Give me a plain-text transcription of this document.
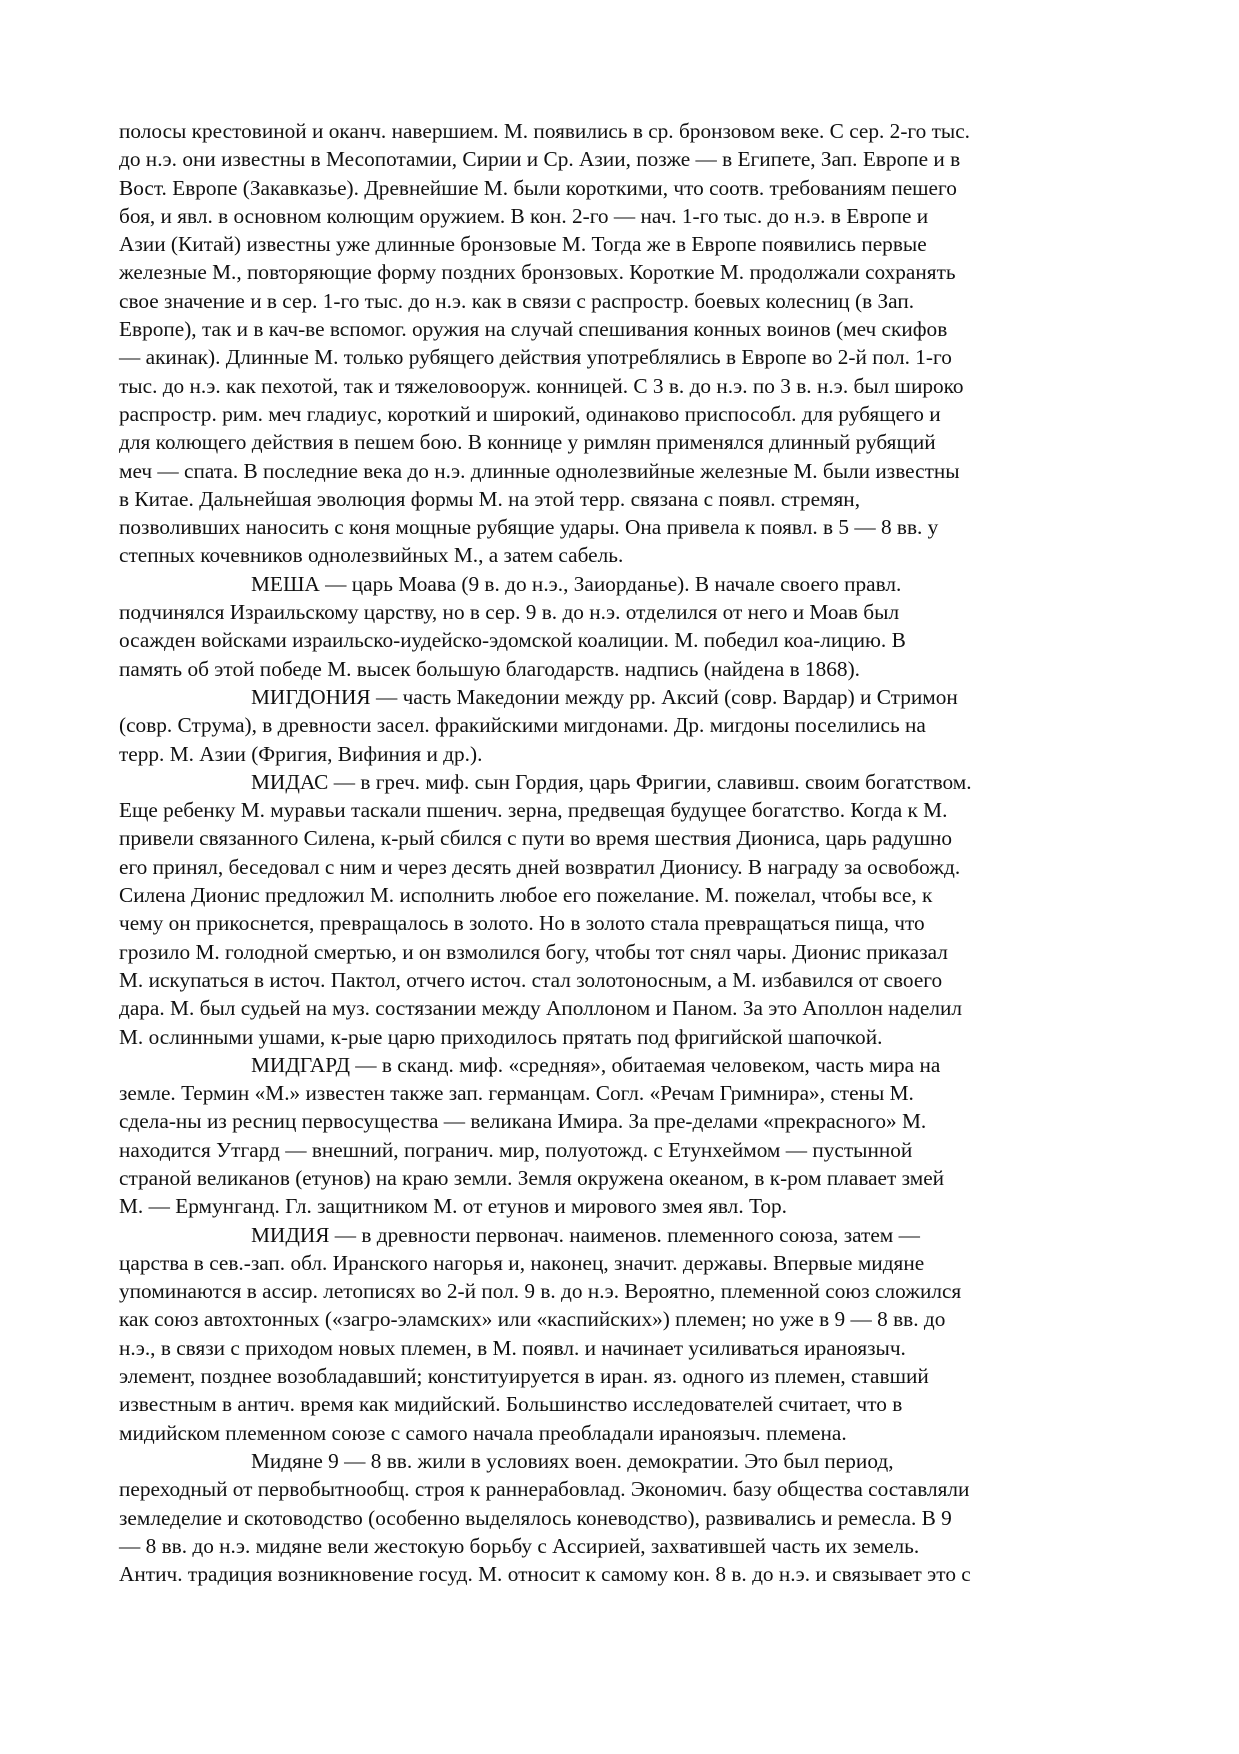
полосы крестовиной и оканч. навершием. М. появились в ср. бронзовом веке. С сер. 2-го тыс.
до н.э. они известны в Месопотамии, Сирии и Ср. Азии, позже — в Египете, Зап. Европе и в
Вост. Европе (Закавказье). Древнейшие М. были короткими, что соотв. требованиям пешего
боя, и явл. в основном колющим оружием. В кон. 2-го — нач. 1-го тыс. до н.э. в Европе и
Азии (Китай) известны уже длинные бронзовые М. Тогда же в Европе появились первые
железные М., повторяющие форму поздних бронзовых. Короткие М. продолжали сохранять
свое значение и в сер. 1-го тыс. до н.э. как в связи с распростр. боевых колесниц (в Зап.
Европе), так и в кач-ве вспомог. оружия на случай спешивания конных воинов (меч скифов
— акинак). Длинные М. только рубящего действия употреблялись в Европе во 2-й пол. 1-го
тыс. до н.э. как пехотой, так и тяжеловооруж. конницей. С 3 в. до н.э. по 3 в. н.э. был широко
распростр. рим. меч гладиус, короткий и широкий, одинаково приспособл. для рубящего и
для колющего действия в пешем бою. В коннице у римлян применялся длинный рубящий
меч — спата. В последние века до н.э. длинные однолезвийные железные М. были известны
в Китае. Дальнейшая эволюция формы М. на этой терр. связана с появл. стремян,
позволивших наносить с коня мощные рубящие удары. Она привела к появл. в 5 — 8 вв. у
степных кочевников однолезвийных М., а затем сабель.
МЕША — царь Моава (9 в. до н.э., Заиорданье). В начале своего правл.
подчинялся Израильскому царству, но в сер. 9 в. до н.э. отделился от него и Моав был
осажден войсками израильско-иудейско-эдомской коалиции. М. победил коа-лицию. В
память об этой победе М. высек большую благодарств. надпись (найдена в 1868).
МИГДОНИЯ — часть Македонии между рр. Аксий (совр. Вардар) и Стримон
(совр. Струма), в древности засел. фракийскими мигдонами. Др. мигдоны поселились на
терр. М. Азии (Фригия, Вифиния и др.).
МИДАС — в греч. миф. сын Гордия, царь Фригии, славивш. своим богатством.
Еще ребенку М. муравьи таскали пшенич. зерна, предвещая будущее богатство. Когда к М.
привели связанного Силена, к-рый сбился с пути во время шествия Диониса, царь радушно
его принял, беседовал с ним и через десять дней возвратил Дионису. В награду за освобожд.
Силена Дионис предложил М. исполнить любое его пожелание. М. пожелал, чтобы все, к
чему он прикоснется, превращалось в золото. Но в золото стала превращаться пища, что
грозило М. голодной смертью, и он взмолился богу, чтобы тот снял чары. Дионис приказал
М. искупаться в источ. Пактол, отчего источ. стал золотоносным, а М. избавился от своего
дара. М. был судьей на муз. состязании между Аполлоном и Паном. За это Аполлон наделил
М. ослинными ушами, к-рые царю приходилось прятать под фригийской шапочкой.
МИДГАРД — в сканд. миф. «средняя», обитаемая человеком, часть мира на
земле. Термин «М.» известен также зап. германцам. Согл. «Речам Гримнира», стены М.
сдела-ны из ресниц первосущества — великана Имира. За пре-делами «прекрасного» М.
находится Утгард — внешний, погранич. мир, полуотожд. с Етунхеймом — пустынной
страной великанов (етунов) на краю земли. Земля окружена океаном, в к-ром плавает змей
М. — Ермунганд. Гл. защитником М. от етунов и мирового змея явл. Тор.
МИДИЯ — в древности первонач. наименов. племенного союза, затем —
царства в сев.-зап. обл. Иранского нагорья и, наконец, значит. державы. Впервые мидяне
упоминаются в ассир. летописях во 2-й пол. 9 в. до н.э. Вероятно, племенной союз сложился
как союз автохтонных («загро-эламских» или «каспийских») племен; но уже в 9 — 8 вв. до
н.э., в связи с приходом новых племен, в М. появл. и начинает усиливаться ираноязыч.
элемент, позднее возобладавший; конституируется в иран. яз. одного из племен, ставший
известным в антич. время как мидийский. Большинство исследователей считает, что в
мидийском племенном союзе с самого начала преобладали ираноязыч. племена.
Мидяне 9 — 8 вв. жили в условиях воен. демократии. Это был период,
переходный от первобытнообщ. строя к раннерабовлад. Экономич. базу общества составляли
земледелие и скотоводство (особенно выделялось коневодство), развивались и ремесла. В 9
— 8 вв. до н.э. мидяне вели жестокую борьбу с Ассирией, захватившей часть их земель.
Антич. традиция возникновение госуд. М. относит к самому кон. 8 в. до н.э. и связывает это с
